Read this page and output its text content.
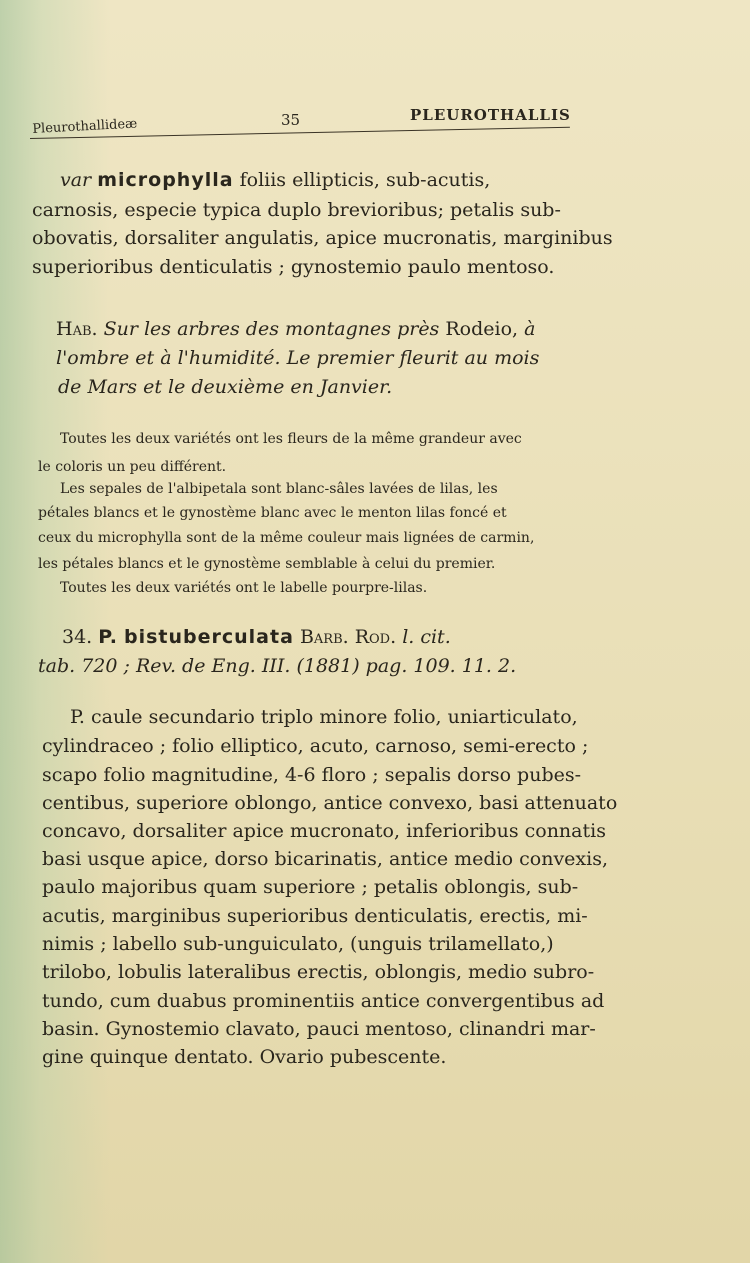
Pleurothallideæ	35	PLEUROTHALLIS
var microphylla foliis ellipticis, sub-acutis,
carnosis, especie typica duplo brevioribus; petalis sub-
obovatis, dorsaliter angulatis, apice mucronatis, marginibus
superioribus denticulatis ; gynostemio paulo mentoso.
Hab. Sur les arbres des montagnes près Rodeio, à
l'ombre et à l'humidité. Le premier fleurit au mois
de Mars et le deuxième en Janvier.
Toutes les deux variétés ont les fleurs de la même grandeur avec
le coloris un peu différent.
Les sepales de l'albipetala sont blanc-sâles lavées de lilas, les
pétales blancs et le gynostème blanc avec le menton lilas foncé et
ceux du microphylla sont de la même couleur mais lignées de carmin,
les pétales blancs et le gynostème semblable à celui du premier.
Toutes les deux variétés ont le labelle pourpre-lilas.
34. P. bistuberculata Barb. Rod. l. cit.
tab. 720 ; Rev. de Eng. III. (1881) pag. 109. 11. 2.
P. caule secundario triplo minore folio, uniarticulato,
cylindraceo ; folio elliptico, acuto, carnoso, semi-erecto ;
scapo folio magnitudine, 4-6 floro ; sepalis dorso pubes-
centibus, superiore oblongo, antice convexo, basi attenuato
concavo, dorsaliter apice mucronato, inferioribus connatis
basi usque apice, dorso bicarinatis, antice medio convexis,
paulo majoribus quam superiore ; petalis oblongis, sub-
acutis, marginibus superioribus denticulatis, erectis, mi-
nimis ; labello sub-unguiculato, (unguis trilamellato,)
trilobo, lobulis lateralibus erectis, oblongis, medio subro-
tundo, cum duabus prominentiis antice convergentibus ad
basin. Gynostemio clavato, pauci mentoso, clinandri mar-
gine quinque dentato. Ovario pubescente.
